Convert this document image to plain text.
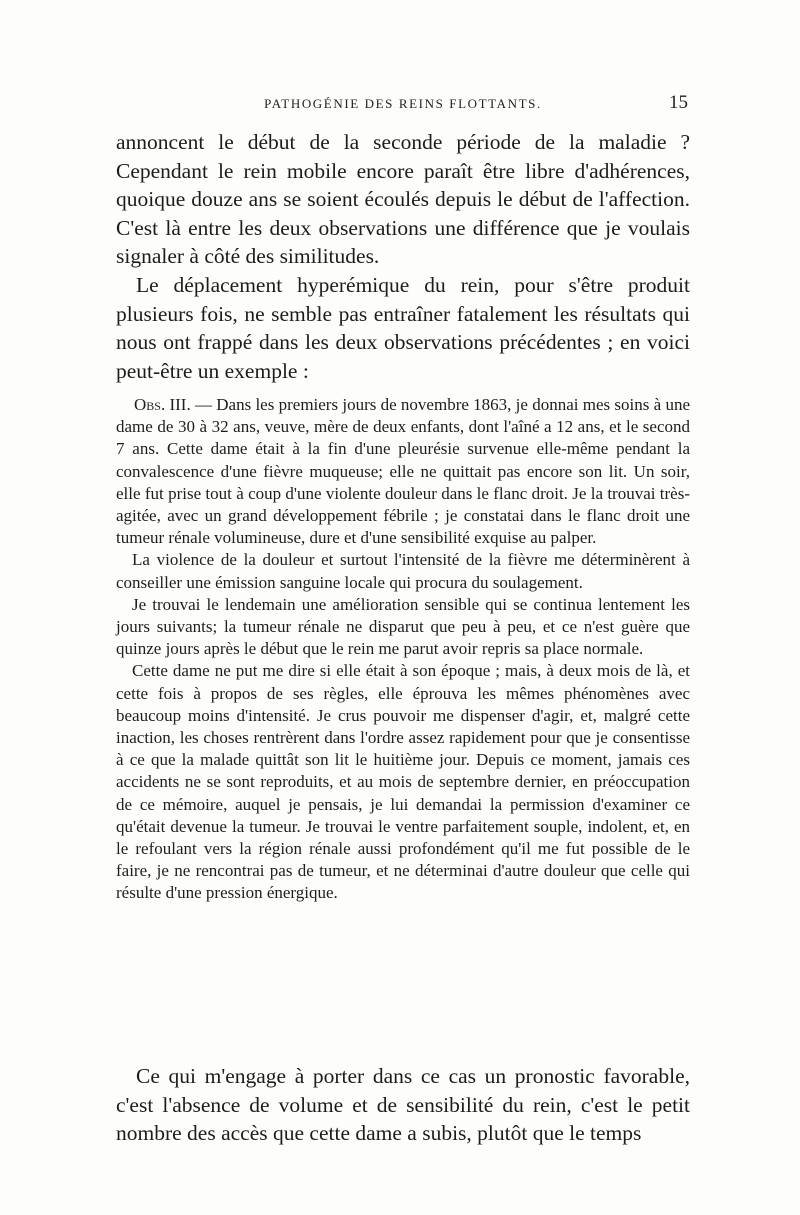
PATHOGÉNIE DES REINS FLOTTANTS.	15

annoncent le début de la seconde période de la maladie ? Cependant le rein mobile encore paraît être libre d'adhérences, quoique douze ans se soient écoulés depuis le début de l'affection. C'est là entre les deux observations une différence que je voulais signaler à côté des similitudes.

Le déplacement hyperémique du rein, pour s'être produit plusieurs fois, ne semble pas entraîner fatalement les résultats qui nous ont frappé dans les deux observations précédentes ; en voici peut-être un exemple :

Obs. III. — Dans les premiers jours de novembre 1863, je donnai mes soins à une dame de 30 à 32 ans, veuve, mère de deux enfants, dont l'aîné a 12 ans, et le second 7 ans. Cette dame était à la fin d'une pleurésie survenue elle-même pendant la convalescence d'une fièvre muqueuse; elle ne quittait pas encore son lit. Un soir, elle fut prise tout à coup d'une violente douleur dans le flanc droit. Je la trouvai très-agitée, avec un grand développement fébrile ; je constatai dans le flanc droit une tumeur rénale volumineuse, dure et d'une sensibilité exquise au palper.

La violence de la douleur et surtout l'intensité de la fièvre me déterminèrent à conseiller une émission sanguine locale qui procura du soulagement.

Je trouvai le lendemain une amélioration sensible qui se continua lentement les jours suivants; la tumeur rénale ne disparut que peu à peu, et ce n'est guère que quinze jours après le début que le rein me parut avoir repris sa place normale.

Cette dame ne put me dire si elle était à son époque ; mais, à deux mois de là, et cette fois à propos de ses règles, elle éprouva les mêmes phénomènes avec beaucoup moins d'intensité. Je crus pouvoir me dispenser d'agir, et, malgré cette inaction, les choses rentrèrent dans l'ordre assez rapidement pour que je consentisse à ce que la malade quittât son lit le huitième jour. Depuis ce moment, jamais ces accidents ne se sont reproduits, et au mois de septembre dernier, en préoccupation de ce mémoire, auquel je pensais, je lui demandai la permission d'examiner ce qu'était devenue la tumeur. Je trouvai le ventre parfaitement souple, indolent, et, en le refoulant vers la région rénale aussi profondément qu'il me fut possible de le faire, je ne rencontrai pas de tumeur, et ne déterminai d'autre douleur que celle qui résulte d'une pression énergique.

Ce qui m'engage à porter dans ce cas un pronostic favorable, c'est l'absence de volume et de sensibilité du rein, c'est le petit nombre des accès que cette dame a subis, plutôt que le temps
